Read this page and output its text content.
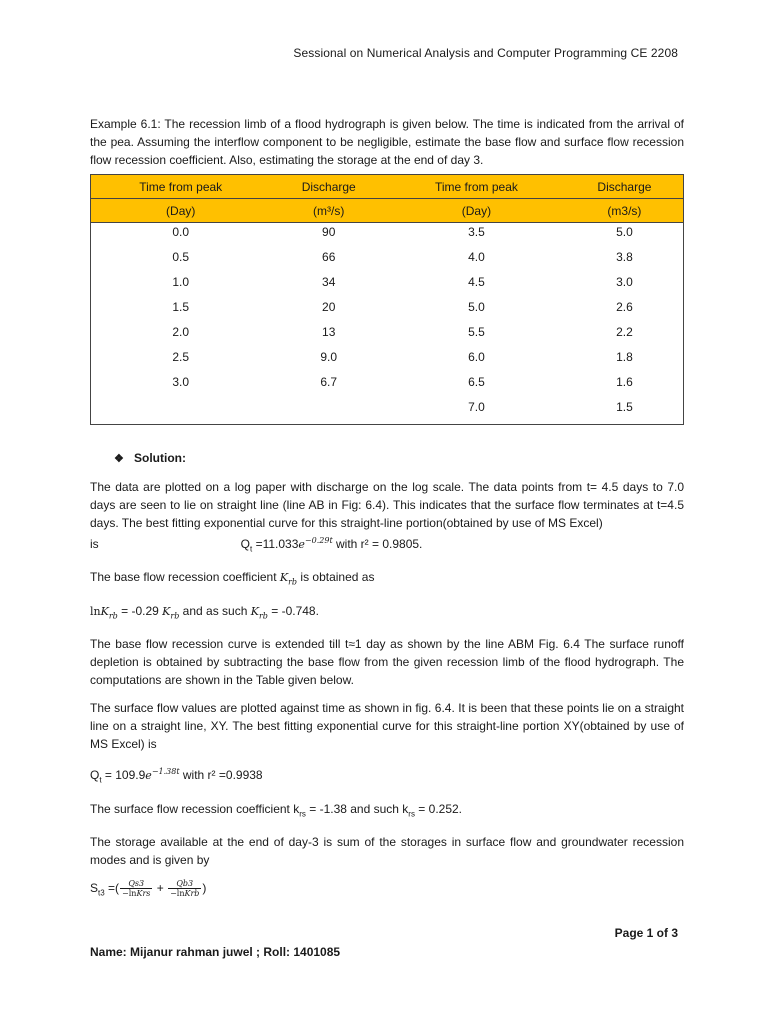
Sessional on Numerical Analysis and Computer Programming CE 2208

Example 6.1: The recession limb of a flood hydrograph is given below. The time is indicated from the arrival of the pea. Assuming the interflow component to be negligible, estimate the base flow and surface flow recession flow recession coefficient. Also, estimating the storage at the end of day 3.

Time from peak	Discharge	Time from peak	Discharge
(Day)	(m³/s)	(Day)	(m3/s)
0.0	90	3.5	5.0
0.5	66	4.0	3.8
1.0	34	4.5	3.0
1.5	20	5.0	2.6
2.0	13	5.5	2.2
2.5	9.0	6.0	1.8
3.0	6.7	6.5	1.6
		7.0	1.5
❖ Solution:

The data are plotted on a log paper with discharge on the log scale. The data points from t= 4.5 days to 7.0 days are seen to lie on straight line (line AB in Fig: 6.4). This indicates that the surface flow terminates at t=4.5 days. The best fitting exponential curve for this straight-line portion(obtained by use of MS Excel)
is	$Q_t =11.033e^{-0.29t}$ with r² = 0.9805.

The base flow recession coefficient $K_{rb}$ is obtained as

lnK$_{rb}$ = -0.29 $K_{rb}$ and as such $K_{rb} = -0.748$.

The base flow recession curve is extended till t≈1 day as shown by the line ABM Fig. 6.4 The surface runoff depletion is obtained by subtracting the base flow from the given recession limb of the flood hydrograph. The computations are shown in the Table given below.

The surface flow values are plotted against time as shown in fig. 6.4. It is been that these points lie on a straight line on a straight line, XY. The best fitting exponential curve for this straight-line portion XY(obtained by use of MS Excel) is

$Q_t = 109.9e^{-1.38t}$ with r² =0.9938

The surface flow recession coefficient $k_{rs} = -1.38$ and such $k_{rs} = 0.252$.

The storage available at the end of day-3 is sum of the storages in surface flow and groundwater recession modes and is given by

$S_{t3}$ =( $\frac{Qs3}{\text{−lnKrs}} + \frac{Qb3}{\text{−lnKrb}}$ )

Page 1 of 3
Name: Mijanur rahman juwel ; Roll: 1401085
